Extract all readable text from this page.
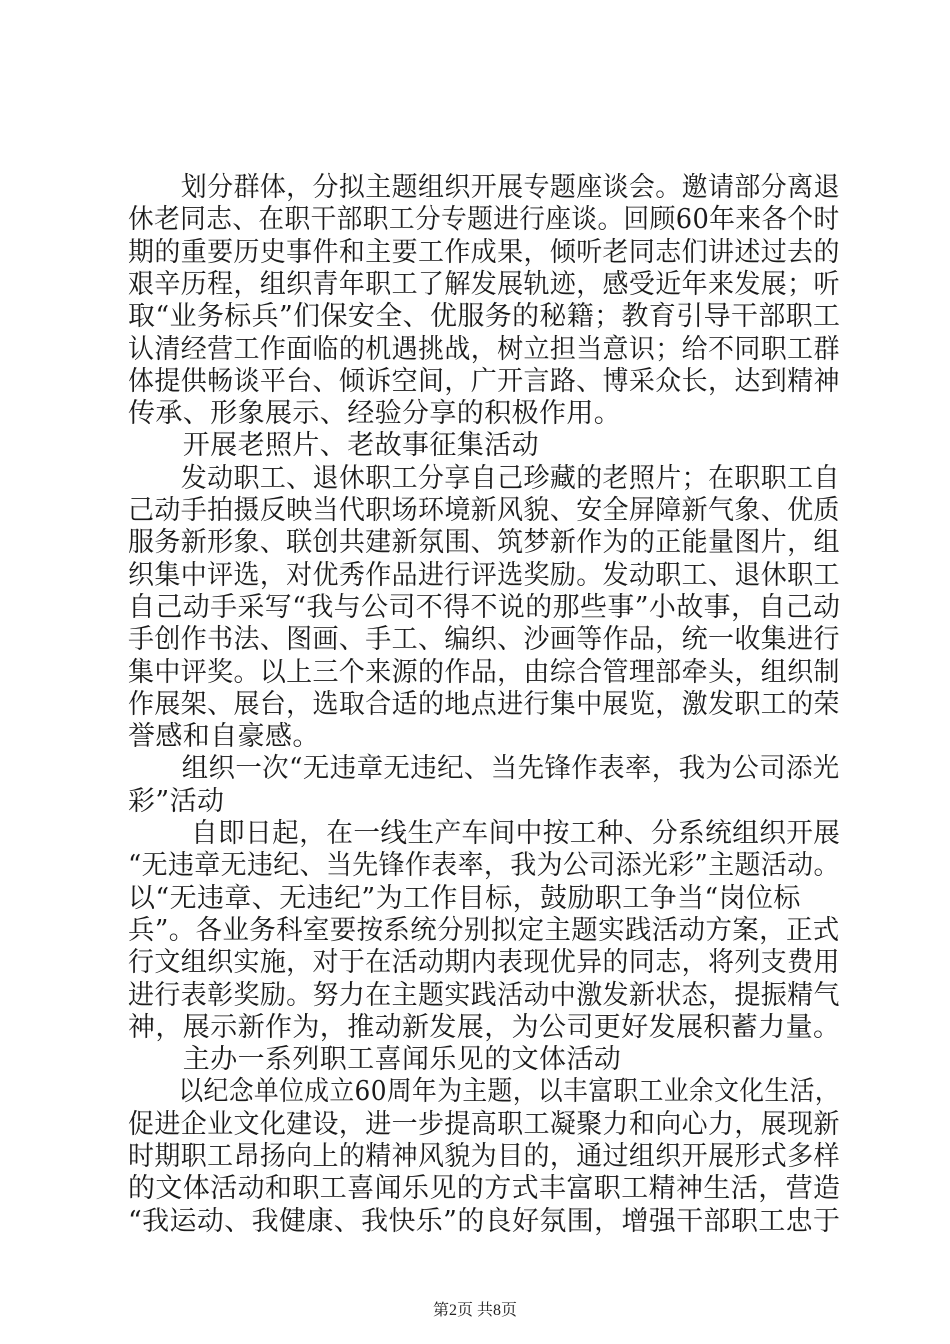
　　划分群体，分拟主题组织开展专题座谈会。邀请部分离退
休老同志、在职干部职工分专题进行座谈。回顾60年来各个时
期的重要历史事件和主要工作成果，倾听老同志们讲述过去的
艰辛历程，组织青年职工了解发展轨迹，感受近年来发展；听
取“业务标兵”们保安全、优服务的秘籍；教育引导干部职工
认清经营工作面临的机遇挑战，树立担当意识；给不同职工群
体提供畅谈平台、倾诉空间，广开言路、博采众长，达到精神
传承、形象展示、经验分享的积极作用。
　　开展老照片、老故事征集活动
　　发动职工、退休职工分享自己珍藏的老照片；在职职工自
己动手拍摄反映当代职场环境新风貌、安全屏障新气象、优质
服务新形象、联创共建新氛围、筑梦新作为的正能量图片，组
织集中评选，对优秀作品进行评选奖励。发动职工、退休职工
自己动手采写“我与公司不得不说的那些事”小故事，自己动
手创作书法、图画、手工、编织、沙画等作品，统一收集进行
集中评奖。以上三个来源的作品，由综合管理部牵头，组织制
作展架、展台，选取合适的地点进行集中展览，激发职工的荣
誉感和自豪感。
　　组织一次“无违章无违纪、当先锋作表率，我为公司添光
彩”活动
　　 自即日起，在一线生产车间中按工种、分系统组织开展
“无违章无违纪、当先锋作表率，我为公司添光彩”主题活动。
以“无违章、无违纪”为工作目标，鼓励职工争当“岗位标
兵”。各业务科室要按系统分别拟定主题实践活动方案，正式
行文组织实施，对于在活动期内表现优异的同志，将列支费用
进行表彰奖励。努力在主题实践活动中激发新状态，提振精气
神，展示新作为，推动新发展，为公司更好发展积蓄力量。
　　主办一系列职工喜闻乐见的文体活动
　　以纪念单位成立60周年为主题，以丰富职工业余文化生活，
促进企业文化建设，进一步提高职工凝聚力和向心力，展现新
时期职工昂扬向上的精神风貌为目的，通过组织开展形式多样
的文体活动和职工喜闻乐见的方式丰富职工精神生活，营造
“我运动、我健康、我快乐”的良好氛围，增强干部职工忠于
第2页 共8页
